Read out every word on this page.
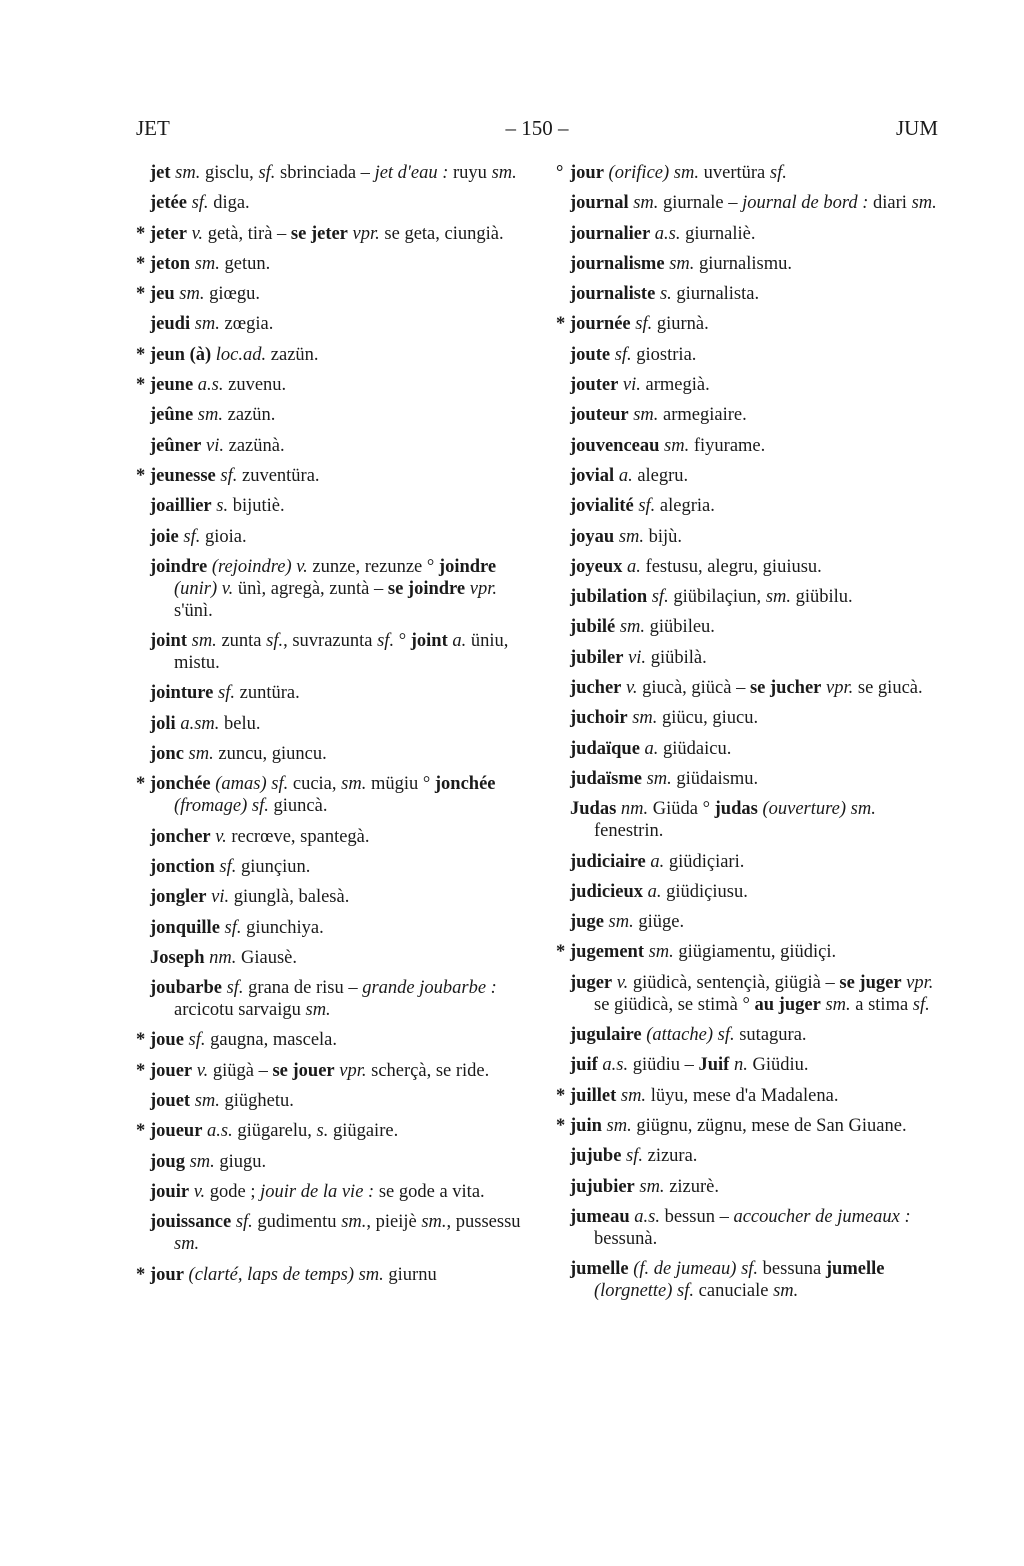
JET	– 150 –	JUM
jet sm. gisclu, sf. sbrinciada – jet d'eau : ruyu sm.
jetée sf. diga.
* jeter v. getà, tirà – se jeter vpr. se geta, ciungià.
* jeton sm. getun.
* jeu sm. giœgu.
jeudi sm. zœgia.
* jeun (à) loc.ad. zazün.
* jeune a.s. zuvenu.
jeûne sm. zazün.
jeûner vi. zazünà.
* jeunesse sf. zuventüra.
joaillier s. bijutiè.
joie sf. gioia.
joindre (rejoindre) v. zunze, rezunze ° joindre (unir) v. ünì, agregà, zuntà – se joindre vpr. s'ünì.
joint sm. zunta sf., suvrazunta sf. ° joint a. üniu, mistu.
jointure sf. zuntüra.
joli a.sm. belu.
jonc sm. zuncu, giuncu.
* jonchée (amas) sf. cucia, sm. mügiu ° jonchée (fromage) sf. giuncà.
joncher v. recrœve, spantegà.
jonction sf. giunçiun.
jongler vi. giunglà, balesà.
jonquille sf. giunchiya.
Joseph nm. Giausè.
joubarbe sf. grana de risu – grande joubarbe : arcicotu sarvaigu sm.
* joue sf. gaugna, mascela.
* jouer v. giügà – se jouer vpr. scherçà, se ride.
jouet sm. giüghetu.
* joueur a.s. giügarelu, s. giügaire.
joug sm. giugu.
jouir v. gode ; jouir de la vie : se gode a vita.
jouissance sf. gudimentu sm., pieijè sm., pussessu sm.
* jour (clarté, laps de temps) sm. giurnu
° jour (orifice) sm. uvertüra sf.
journal sm. giurnale – journal de bord : diari sm.
journalier a.s. giurnaliè.
journalisme sm. giurnalismu.
journaliste s. giurnalista.
* journée sf. giurnà.
joute sf. giostria.
jouter vi. armegià.
jouteur sm. armegiaire.
jouvenceau sm. fiyurame.
jovial a. alegru.
jovialité sf. alegria.
joyau sm. bijù.
joyeux a. festusu, alegru, giuiusu.
jubilation sf. giübilaçiun, sm. giübilu.
jubilé sm. giübileu.
jubiler vi. giübilà.
jucher v. giucà, giücà – se jucher vpr. se giucà.
juchoir sm. giücu, giucu.
judaïque a. giüdaicu.
judaïsme sm. giüdaismu.
Judas nm. Giüda ° judas (ouverture) sm. fenestrin.
judiciaire a. giüdiçiari.
judicieux a. giüdiçiusu.
juge sm. giüge.
* jugement sm. giügiamentu, giüdiçi.
juger v. giüdicà, sentençià, giügià – se juger vpr. se giüdicà, se stimà ° au juger sm. a stima sf.
jugulaire (attache) sf. sutagura.
juif a.s. giüdiu – Juif n. Giüdiu.
* juillet sm. lüyu, mese d'a Madalena.
* juin sm. giügnu, zügnu, mese de San Giuane.
jujube sf. zizura.
jujubier sm. zizurè.
jumeau a.s. bessun – accoucher de jumeaux : bessunà.
jumelle (f. de jumeau) sf. bessuna jumelle (lorgnette) sf. canuciale sm.
